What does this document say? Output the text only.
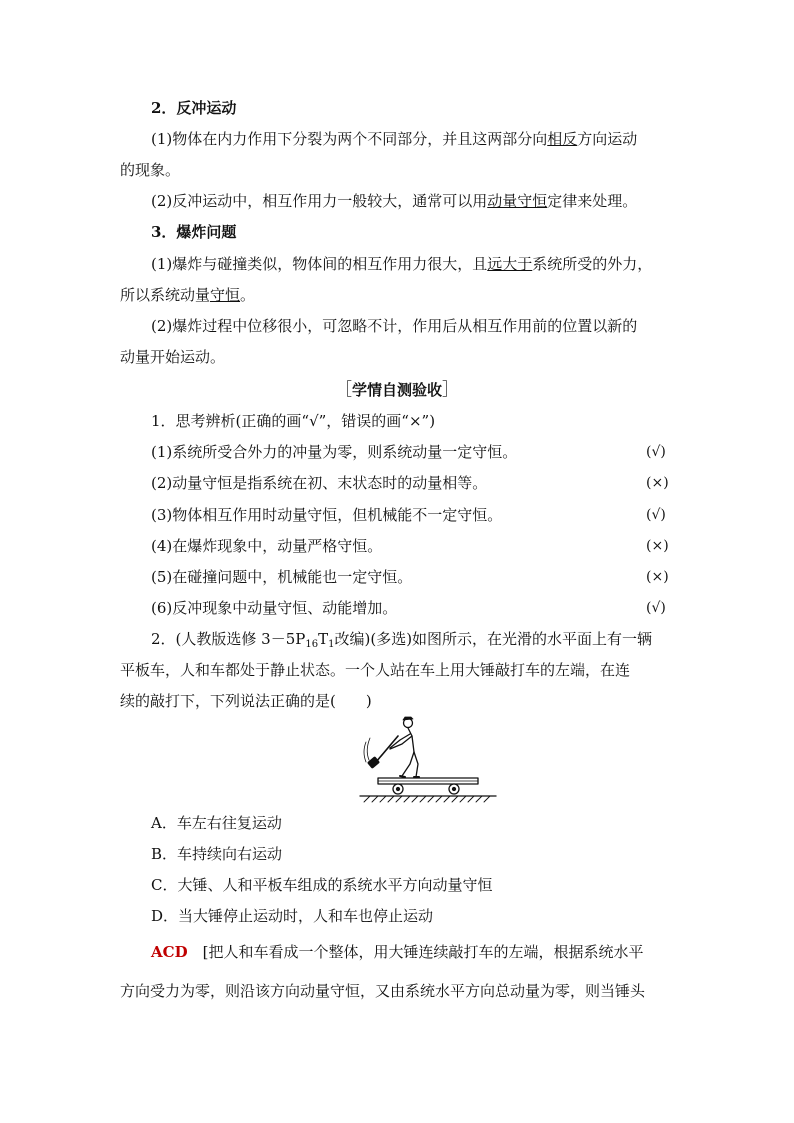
2．反冲运动
(1)物体在内力作用下分裂为两个不同部分，并且这两部分向相反方向运动
的现象。
(2)反冲运动中，相互作用力一般较大，通常可以用动量守恒定律来处理。
3．爆炸问题
(1)爆炸与碰撞类似，物体间的相互作用力很大，且远大于系统所受的外力，
所以系统动量守恒。
(2)爆炸过程中位移很小，可忽略不计，作用后从相互作用前的位置以新的
动量开始运动。
［学情自测验收］
1．思考辨析(正确的画“√”，错误的画“×”)
(1)系统所受合外力的冲量为零，则系统动量一定守恒。	(√)
(2)动量守恒是指系统在初、末状态时的动量相等。	(×)
(3)物体相互作用时动量守恒，但机械能不一定守恒。	(√)
(4)在爆炸现象中，动量严格守恒。	(×)
(5)在碰撞问题中，机械能也一定守恒。	(×)
(6)反冲现象中动量守恒、动能增加。	(√)
2．(人教版选修 $3-5P_{16}T_1$改编)(多选)如图所示，在光滑的水平面上有一辆
平板车，人和车都处于静止状态。一个人站在车上用大锤敲打车的左端，在连
续的敲打下，下列说法正确的是(　　)
A．车左右往复运动
B．车持续向右运动
C．大锤、人和平板车组成的系统水平方向动量守恒
D．当大锤停止运动时，人和车也停止运动
ACD　 [把人和车看成一个整体，用大锤连续敲打车的左端，根据系统水平
方向受力为零，则沿该方向动量守恒，又由系统水平方向总动量为零，则当锤头
